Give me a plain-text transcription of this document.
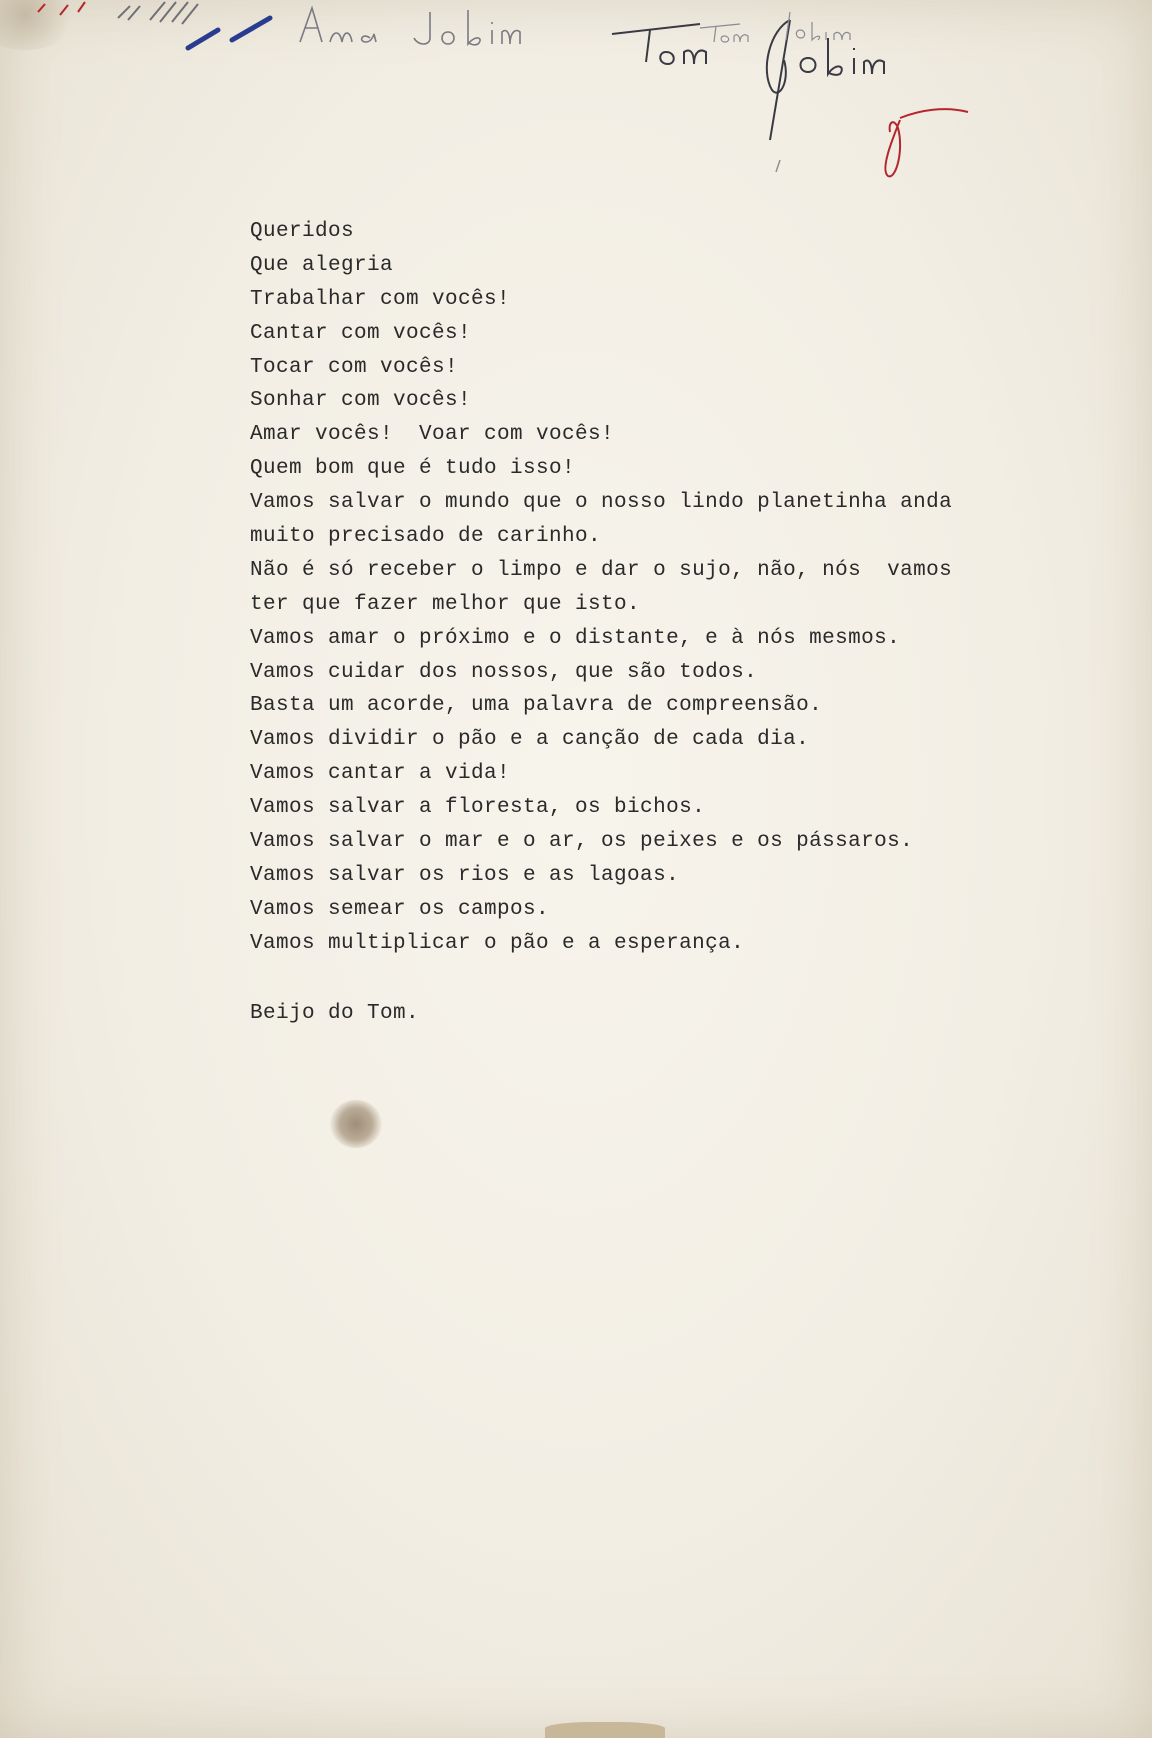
Queridos
Que alegria
Trabalhar com vocês!
Cantar com vocês!
Tocar com vocês!
Sonhar com vocês!
Amar vocês!  Voar com vocês!
Quem bom que é tudo isso!
Vamos salvar o mundo que o nosso lindo planetinha anda
muito precisado de carinho.
Não é só receber o limpo e dar o sujo, não, nós  vamos
ter que fazer melhor que isto.
Vamos amar o próximo e o distante, e à nós mesmos.
Vamos cuidar dos nossos, que são todos.
Basta um acorde, uma palavra de compreensão.
Vamos dividir o pão e a canção de cada dia.
Vamos cantar a vida!
Vamos salvar a floresta, os bichos.
Vamos salvar o mar e o ar, os peixes e os pássaros.
Vamos salvar os rios e as lagoas.
Vamos semear os campos.
Vamos multiplicar o pão e a esperança.
Beijo do Tom.
